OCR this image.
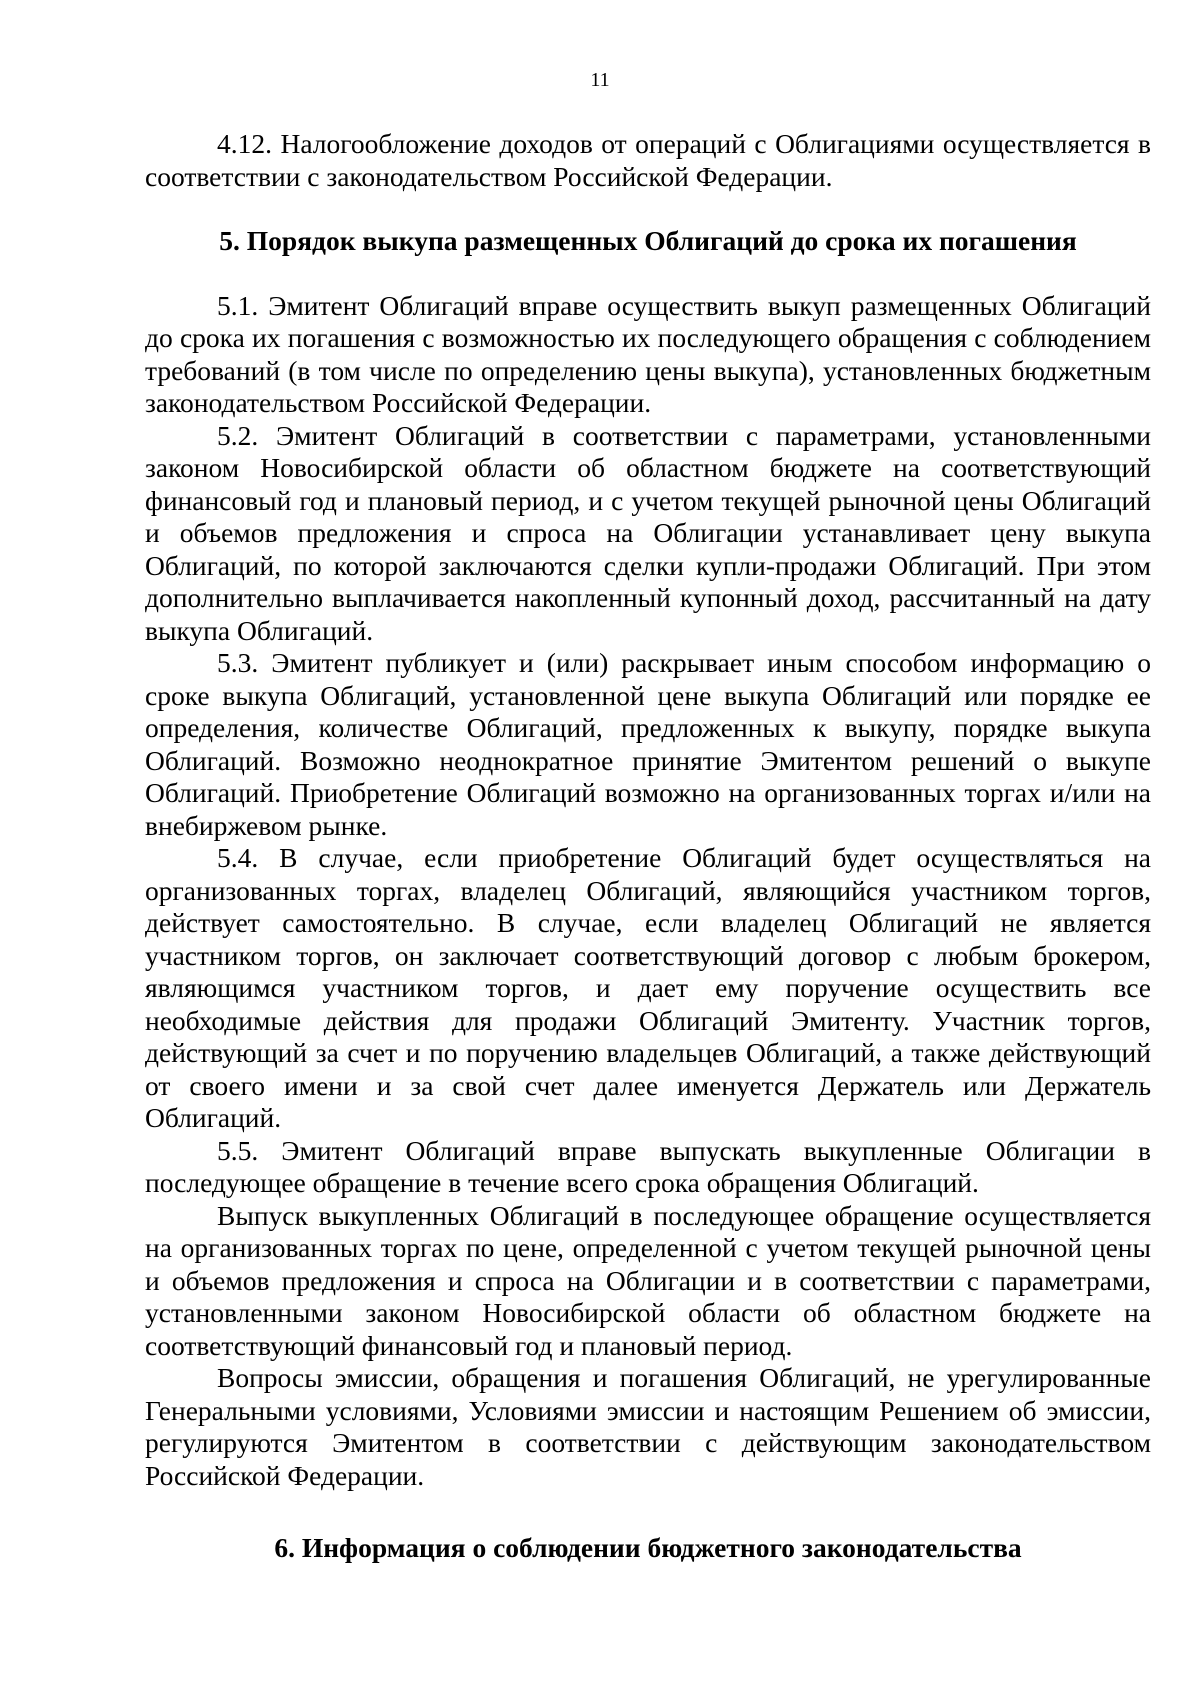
11

4.12. Налогообложение доходов от операций с Облигациями осуществляется в соответствии с законодательством Российской Федерации.

5. Порядок выкупа размещенных Облигаций до срока их погашения

5.1. Эмитент Облигаций вправе осуществить выкуп размещенных Облигаций до срока их погашения с возможностью их последующего обращения с соблюдением требований (в том числе по определению цены выкупа), установленных бюджетным законодательством Российской Федерации.

5.2. Эмитент Облигаций в соответствии с параметрами, установленными законом Новосибирской области об областном бюджете на соответствующий финансовый год и плановый период, и с учетом текущей рыночной цены Облигаций и объемов предложения и спроса на Облигации устанавливает цену выкупа Облигаций, по которой заключаются сделки купли-продажи Облигаций. При этом дополнительно выплачивается накопленный купонный доход, рассчитанный на дату выкупа Облигаций.

5.3. Эмитент публикует и (или) раскрывает иным способом информацию о сроке выкупа Облигаций, установленной цене выкупа Облигаций или порядке ее определения, количестве Облигаций, предложенных к выкупу, порядке выкупа Облигаций. Возможно неоднократное принятие Эмитентом решений о выкупе Облигаций. Приобретение Облигаций возможно на организованных торгах и/или на внебиржевом рынке.

5.4. В случае, если приобретение Облигаций будет осуществляться на организованных торгах, владелец Облигаций, являющийся участником торгов, действует самостоятельно. В случае, если владелец Облигаций не является участником торгов, он заключает соответствующий договор с любым брокером, являющимся участником торгов, и дает ему поручение осуществить все необходимые действия для продажи Облигаций Эмитенту. Участник торгов, действующий за счет и по поручению владельцев Облигаций, а также действующий от своего имени и за свой счет далее именуется Держатель или Держатель Облигаций.

5.5. Эмитент Облигаций вправе выпускать выкупленные Облигации в последующее обращение в течение всего срока обращения Облигаций.

Выпуск выкупленных Облигаций в последующее обращение осуществляется на организованных торгах по цене, определенной с учетом текущей рыночной цены и объемов предложения и спроса на Облигации и в соответствии с параметрами, установленными законом Новосибирской области об областном бюджете на соответствующий финансовый год и плановый период.

Вопросы эмиссии, обращения и погашения Облигаций, не урегулированные Генеральными условиями, Условиями эмиссии и настоящим Решением об эмиссии, регулируются Эмитентом в соответствии с действующим законодательством Российской Федерации.

6. Информация о соблюдении бюджетного законодательства
